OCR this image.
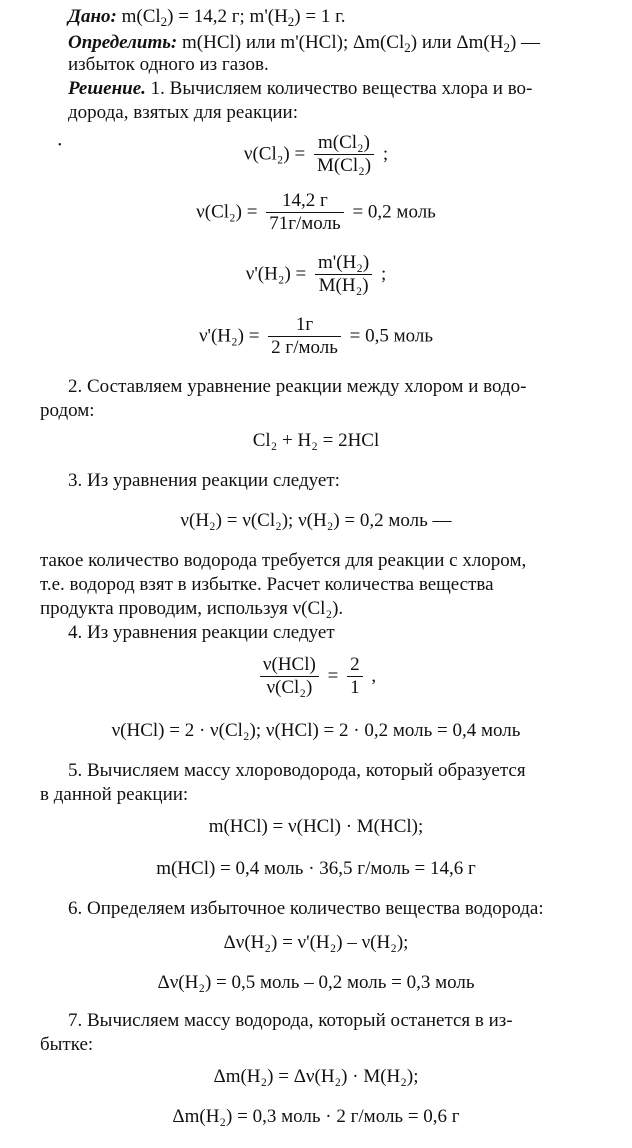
Дано: $m(Cl_2) = 14,2$ г; $m'(H_2) = 1$ г.
Определить: m(HCl) или m'(HCl); $\Delta m(Cl_2)$ или $\Delta m(H_2)$ —
избыток одного из газов.
Решение. 1. Вычисляем количество вещества хлора и во-
дорода, взятых для реакции:
•	$\nu(Cl_2) = \frac{\text{m(Cl₂)}}{\text{M(Cl₂)}}$ ;
$\nu(Cl_2) = \frac{14,2 г}{\text{71г/моль}} = 0,2$ моль
$\nu'(H_2) = \frac{\text{m'(H₂)}}{\text{M(H₂)}}$ ;
$\nu'(H_2) = \frac{1г}{\text{2 г/моль}} = 0,5$ моль
2. Составляем уравнение реакции между хлором и водо-
родом:
Cl₂ + H₂ = 2HCl
3. Из уравнения реакции следует:
ν(H₂) = ν(Cl₂); ν(H₂) = 0,2 моль —
такое количество водорода требуется для реакции с хлором,
т.е. водород взят в избытке. Расчет количества вещества
продукта проводим, используя ν(Cl₂).
4. Из уравнения реакции следует
$\frac{\text{ν(HCl)}}{\text{ν(Cl₂)}} = \frac{2}{1}$ ,
ν(HCl) = 2 · ν(Cl₂); ν(HCl) = 2 · 0,2 моль = 0,4 моль
5. Вычисляем массу хлороводорода, который образуется
в данной реакции:
m(HCl) = ν(HCl) · M(HCl);
m(HCl) = 0,4 моль · 36,5 г/моль = 14,6 г
6. Определяем избыточное количество вещества водорода:
Δν(H₂) = ν'(H₂) – ν(H₂);
Δν(H₂) = 0,5 моль – 0,2 моль = 0,3 моль
7. Вычисляем массу водорода, который останется в из-
бытке:
Δm(H₂) = Δν(H₂) · M(H₂);
Δm(H₂) = 0,3 моль · 2 г/моль = 0,6 г
